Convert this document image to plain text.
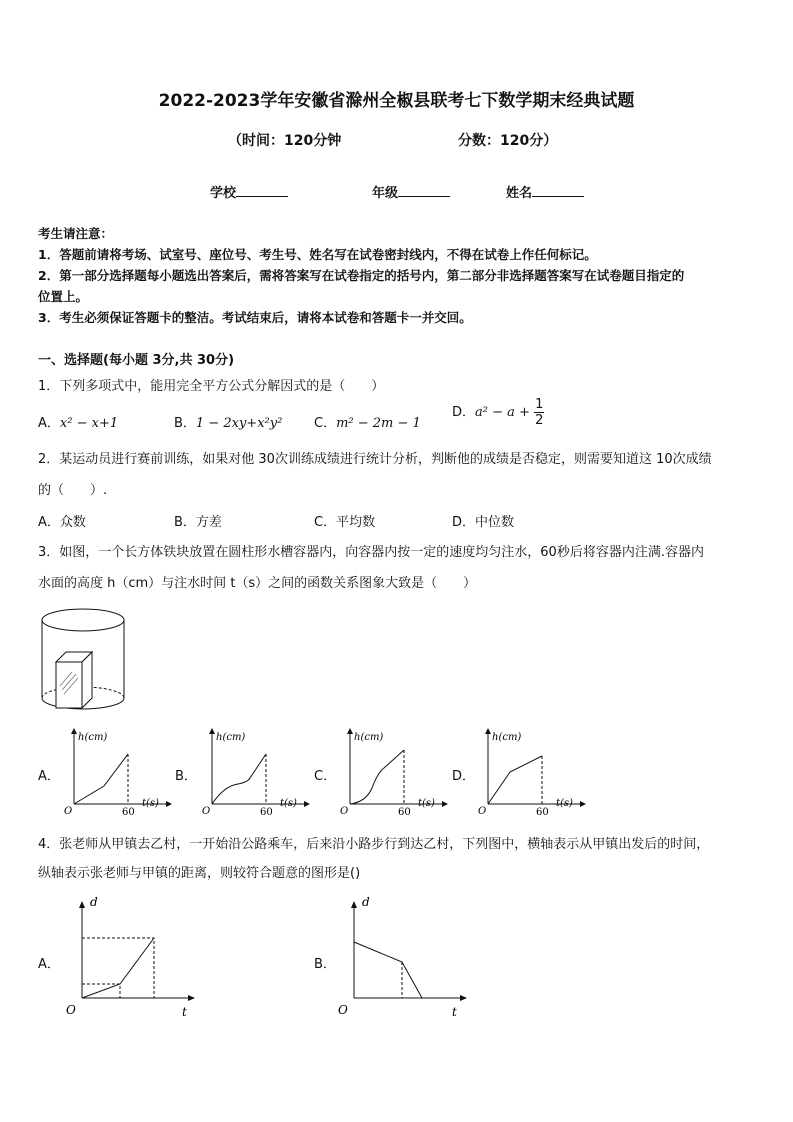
2022-2023学年安徽省滁州全椒县联考七下数学期末经典试题
（时间：120分钟	分数：120分）
学校	年级	姓名
考生请注意：
1．答题前请将考场、试室号、座位号、考生号、姓名写在试卷密封线内，不得在试卷上作任何标记。
2．第一部分选择题每小题选出答案后，需将答案写在试卷指定的括号内，第二部分非选择题答案写在试卷题目指定的
位置上。
3．考生必须保证答题卡的整洁。考试结束后，请将本试卷和答题卡一并交回。
一、选择题(每小题 3分,共 30分)
1．下列多项式中，能用完全平方公式分解因式的是（　　）
A．x² − x+1	B．1 − 2xy+x²y² C．m² − 2m − 1
D．$a^2 - a + \frac{1}{2}$
2．某运动员进行赛前训练，如果对他 30次训练成绩进行统计分析，判断他的成绩是否稳定，则需要知道这 10次成绩
的（　　）.
A．众数	B．方差	C．平均数	D．中位数
3．如图，一个长方体铁块放置在圆柱形水槽容器内，向容器内按一定的速度均匀注水，60秒后将容器内注满.容器内
水面的高度 h（cm）与注水时间 t（s）之间的函数关系图象大致是（　　）
A．	B．	C．	D．
h(cm)
t(s)
O	60
h(cm)
t(s)
O	60
h(cm)
t(s)
O	60
h(cm)
t(s)
O	60
4．张老师从甲镇去乙村，一开始沿公路乘车，后来沿小路步行到达乙村，下列图中，横轴表示从甲镇出发后的时间，
纵轴表示张老师与甲镇的距离，则较符合题意的图形是()
A．	B．
d
t
O
d
t
O
